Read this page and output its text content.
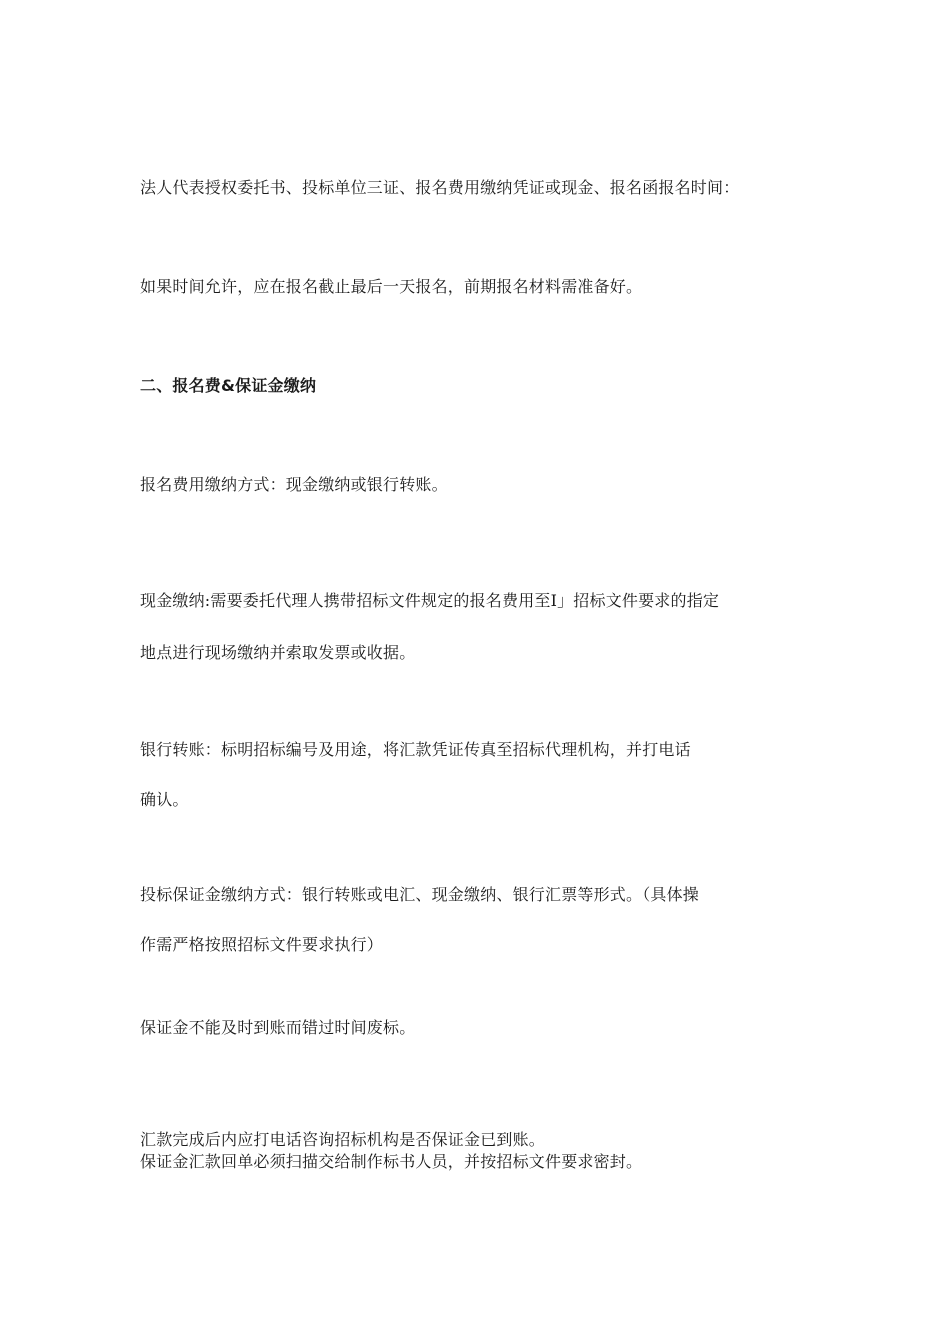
法人代表授权委托书、投标单位三证、报名费用缴纳凭证或现金、报名函报名时间：
如果时间允许，应在报名截止最后一天报名，前期报名材料需准备好。
二、报名费&保证金缴纳
报名费用缴纳方式：现金缴纳或银行转账。
现金缴纳:需要委托代理人携带招标文件规定的报名费用至I」招标文件要求的指定
地点进行现场缴纳并索取发票或收据。
银行转账：标明招标编号及用途，将汇款凭证传真至招标代理机构，并打电话
确认。
投标保证金缴纳方式：银行转账或电汇、现金缴纳、银行汇票等形式。（具体操
作需严格按照招标文件要求执行）
保证金不能及时到账而错过时间废标。
汇款完成后内应打电话咨询招标机构是否保证金已到账。
保证金汇款回单必须扫描交给制作标书人员，并按招标文件要求密封。
